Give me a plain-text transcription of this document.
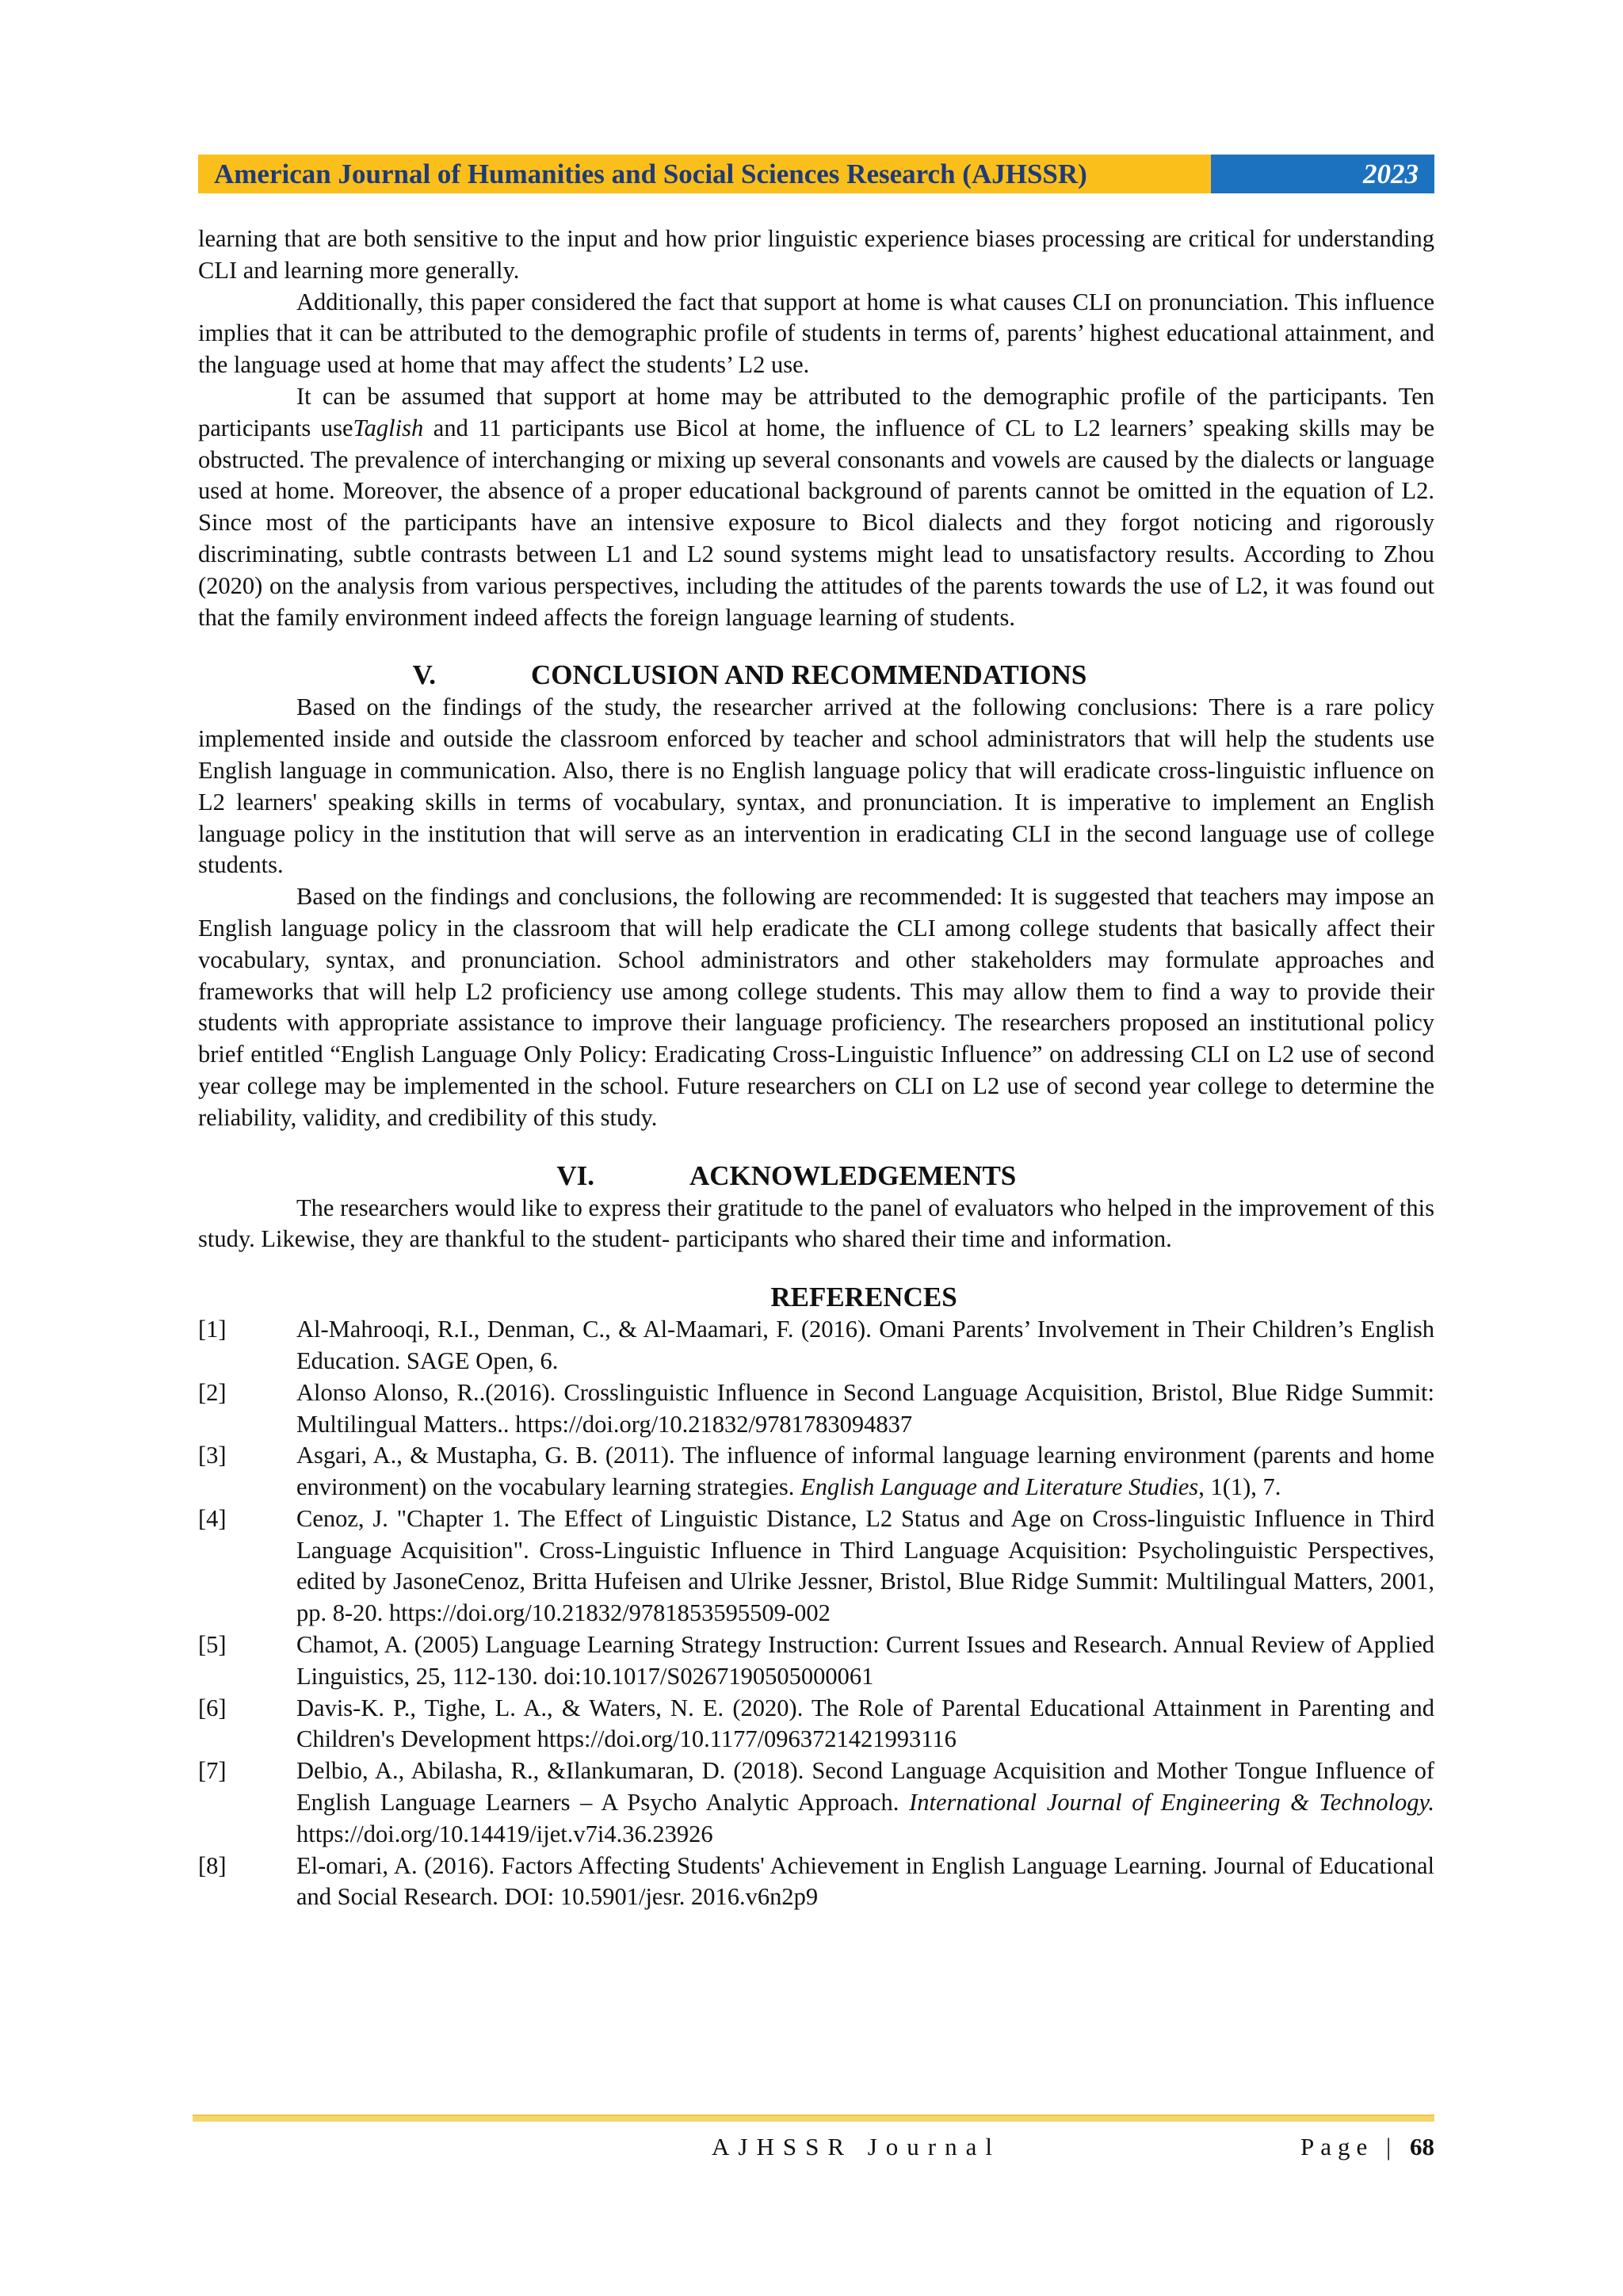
American Journal of Humanities and Social Sciences Research (AJHSSR)	2023

learning that are both sensitive to the input and how prior linguistic experience biases processing are critical for understanding CLI and learning more generally.

Additionally, this paper considered the fact that support at home is what causes CLI on pronunciation. This influence implies that it can be attributed to the demographic profile of students in terms of, parents’ highest educational attainment, and the language used at home that may affect the students’ L2 use.

It can be assumed that support at home may be attributed to the demographic profile of the participants. Ten participants useTaglish and 11 participants use Bicol at home, the influence of CL to L2 learners’ speaking skills may be obstructed. The prevalence of interchanging or mixing up several consonants and vowels are caused by the dialects or language used at home. Moreover, the absence of a proper educational background of parents cannot be omitted in the equation of L2. Since most of the participants have an intensive exposure to Bicol dialects and they forgot noticing and rigorously discriminating, subtle contrasts between L1 and L2 sound systems might lead to unsatisfactory results. According to Zhou (2020) on the analysis from various perspectives, including the attitudes of the parents towards the use of L2, it was found out that the family environment indeed affects the foreign language learning of students.

V.	CONCLUSION AND RECOMMENDATIONS

Based on the findings of the study, the researcher arrived at the following conclusions: There is a rare policy implemented inside and outside the classroom enforced by teacher and school administrators that will help the students use English language in communication. Also, there is no English language policy that will eradicate cross-linguistic influence on L2 learners' speaking skills in terms of vocabulary, syntax, and pronunciation. It is imperative to implement an English language policy in the institution that will serve as an intervention in eradicating CLI in the second language use of college students.

Based on the findings and conclusions, the following are recommended: It is suggested that teachers may impose an English language policy in the classroom that will help eradicate the CLI among college students that basically affect their vocabulary, syntax, and pronunciation. School administrators and other stakeholders may formulate approaches and frameworks that will help L2 proficiency use among college students. This may allow them to find a way to provide their students with appropriate assistance to improve their language proficiency. The researchers proposed an institutional policy brief entitled “English Language Only Policy: Eradicating Cross-Linguistic Influence” on addressing CLI on L2 use of second year college may be implemented in the school. Future researchers on CLI on L2 use of second year college to determine the reliability, validity, and credibility of this study.

VI.	ACKNOWLEDGEMENTS

The researchers would like to express their gratitude to the panel of evaluators who helped in the improvement of this study. Likewise, they are thankful to the student- participants who shared their time and information.

REFERENCES
[1]	Al-Mahrooqi, R.I., Denman, C., & Al-Maamari, F. (2016). Omani Parents’ Involvement in Their Children’s English Education. SAGE Open, 6.
[2]	Alonso Alonso, R..(2016). Crosslinguistic Influence in Second Language Acquisition, Bristol, Blue Ridge Summit: Multilingual Matters.. https://doi.org/10.21832/9781783094837
[3]	Asgari, A., & Mustapha, G. B. (2011). The influence of informal language learning environment (parents and home environment) on the vocabulary learning strategies. English Language and Literature Studies, 1(1), 7.
[4]	Cenoz, J. "Chapter 1. The Effect of Linguistic Distance, L2 Status and Age on Cross-linguistic Influence in Third Language Acquisition". Cross-Linguistic Influence in Third Language Acquisition: Psycholinguistic Perspectives, edited by JasoneCenoz, Britta Hufeisen and Ulrike Jessner, Bristol, Blue Ridge Summit: Multilingual Matters, 2001, pp. 8-20. https://doi.org/10.21832/9781853595509-002
[5]	Chamot, A. (2005) Language Learning Strategy Instruction: Current Issues and Research. Annual Review of Applied Linguistics, 25, 112-130. doi:10.1017/S0267190505000061
[6]	Davis-K. P., Tighe, L. A., & Waters, N. E. (2020). The Role of Parental Educational Attainment in Parenting and Children's Development https://doi.org/10.1177/0963721421993116
[7]	Delbio, A., Abilasha, R., &Ilankumaran, D. (2018). Second Language Acquisition and Mother Tongue Influence of English Language Learners – A Psycho Analytic Approach. International Journal of Engineering & Technology. https://doi.org/10.14419/ijet.v7i4.36.23926
[8]	El-omari, A. (2016). Factors Affecting Students' Achievement in English Language Learning. Journal of Educational and Social Research. DOI: 10.5901/jesr. 2016.v6n2p9
AJHSSR Journal	Page | 68
